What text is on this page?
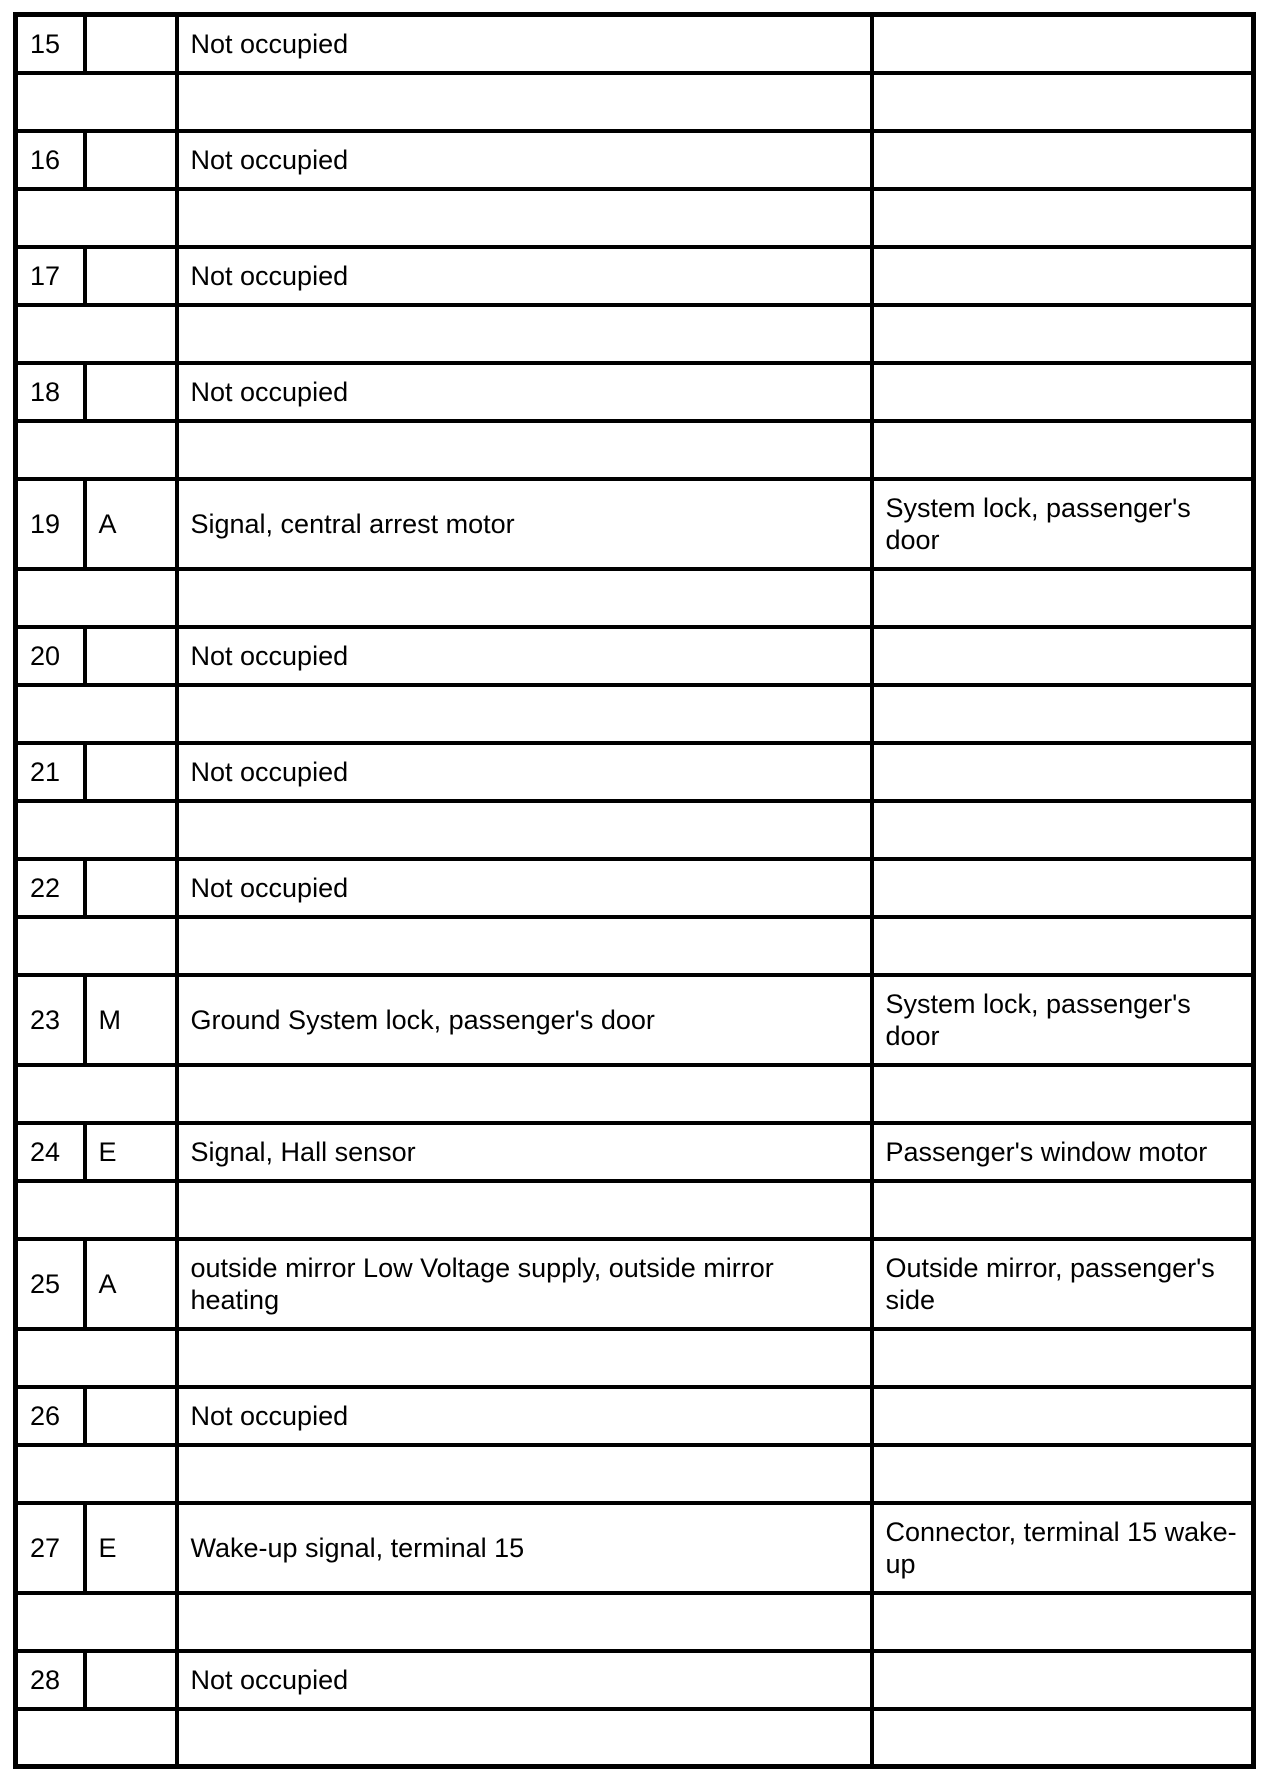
15		Not occupied	

16		Not occupied	

17		Not occupied	

18		Not occupied	

19	A	Signal, central arrest motor	System lock, passenger's door

20		Not occupied	

21		Not occupied	

22		Not occupied	

23	M	Ground System lock, passenger's door	System lock, passenger's door

24	E	Signal, Hall sensor	Passenger's window motor

25	A	outside mirror Low Voltage supply, outside mirror heating	Outside mirror, passenger's side

26		Not occupied	

27	E	Wake-up signal, terminal 15	Connector, terminal 15 wake-up

28		Not occupied	
